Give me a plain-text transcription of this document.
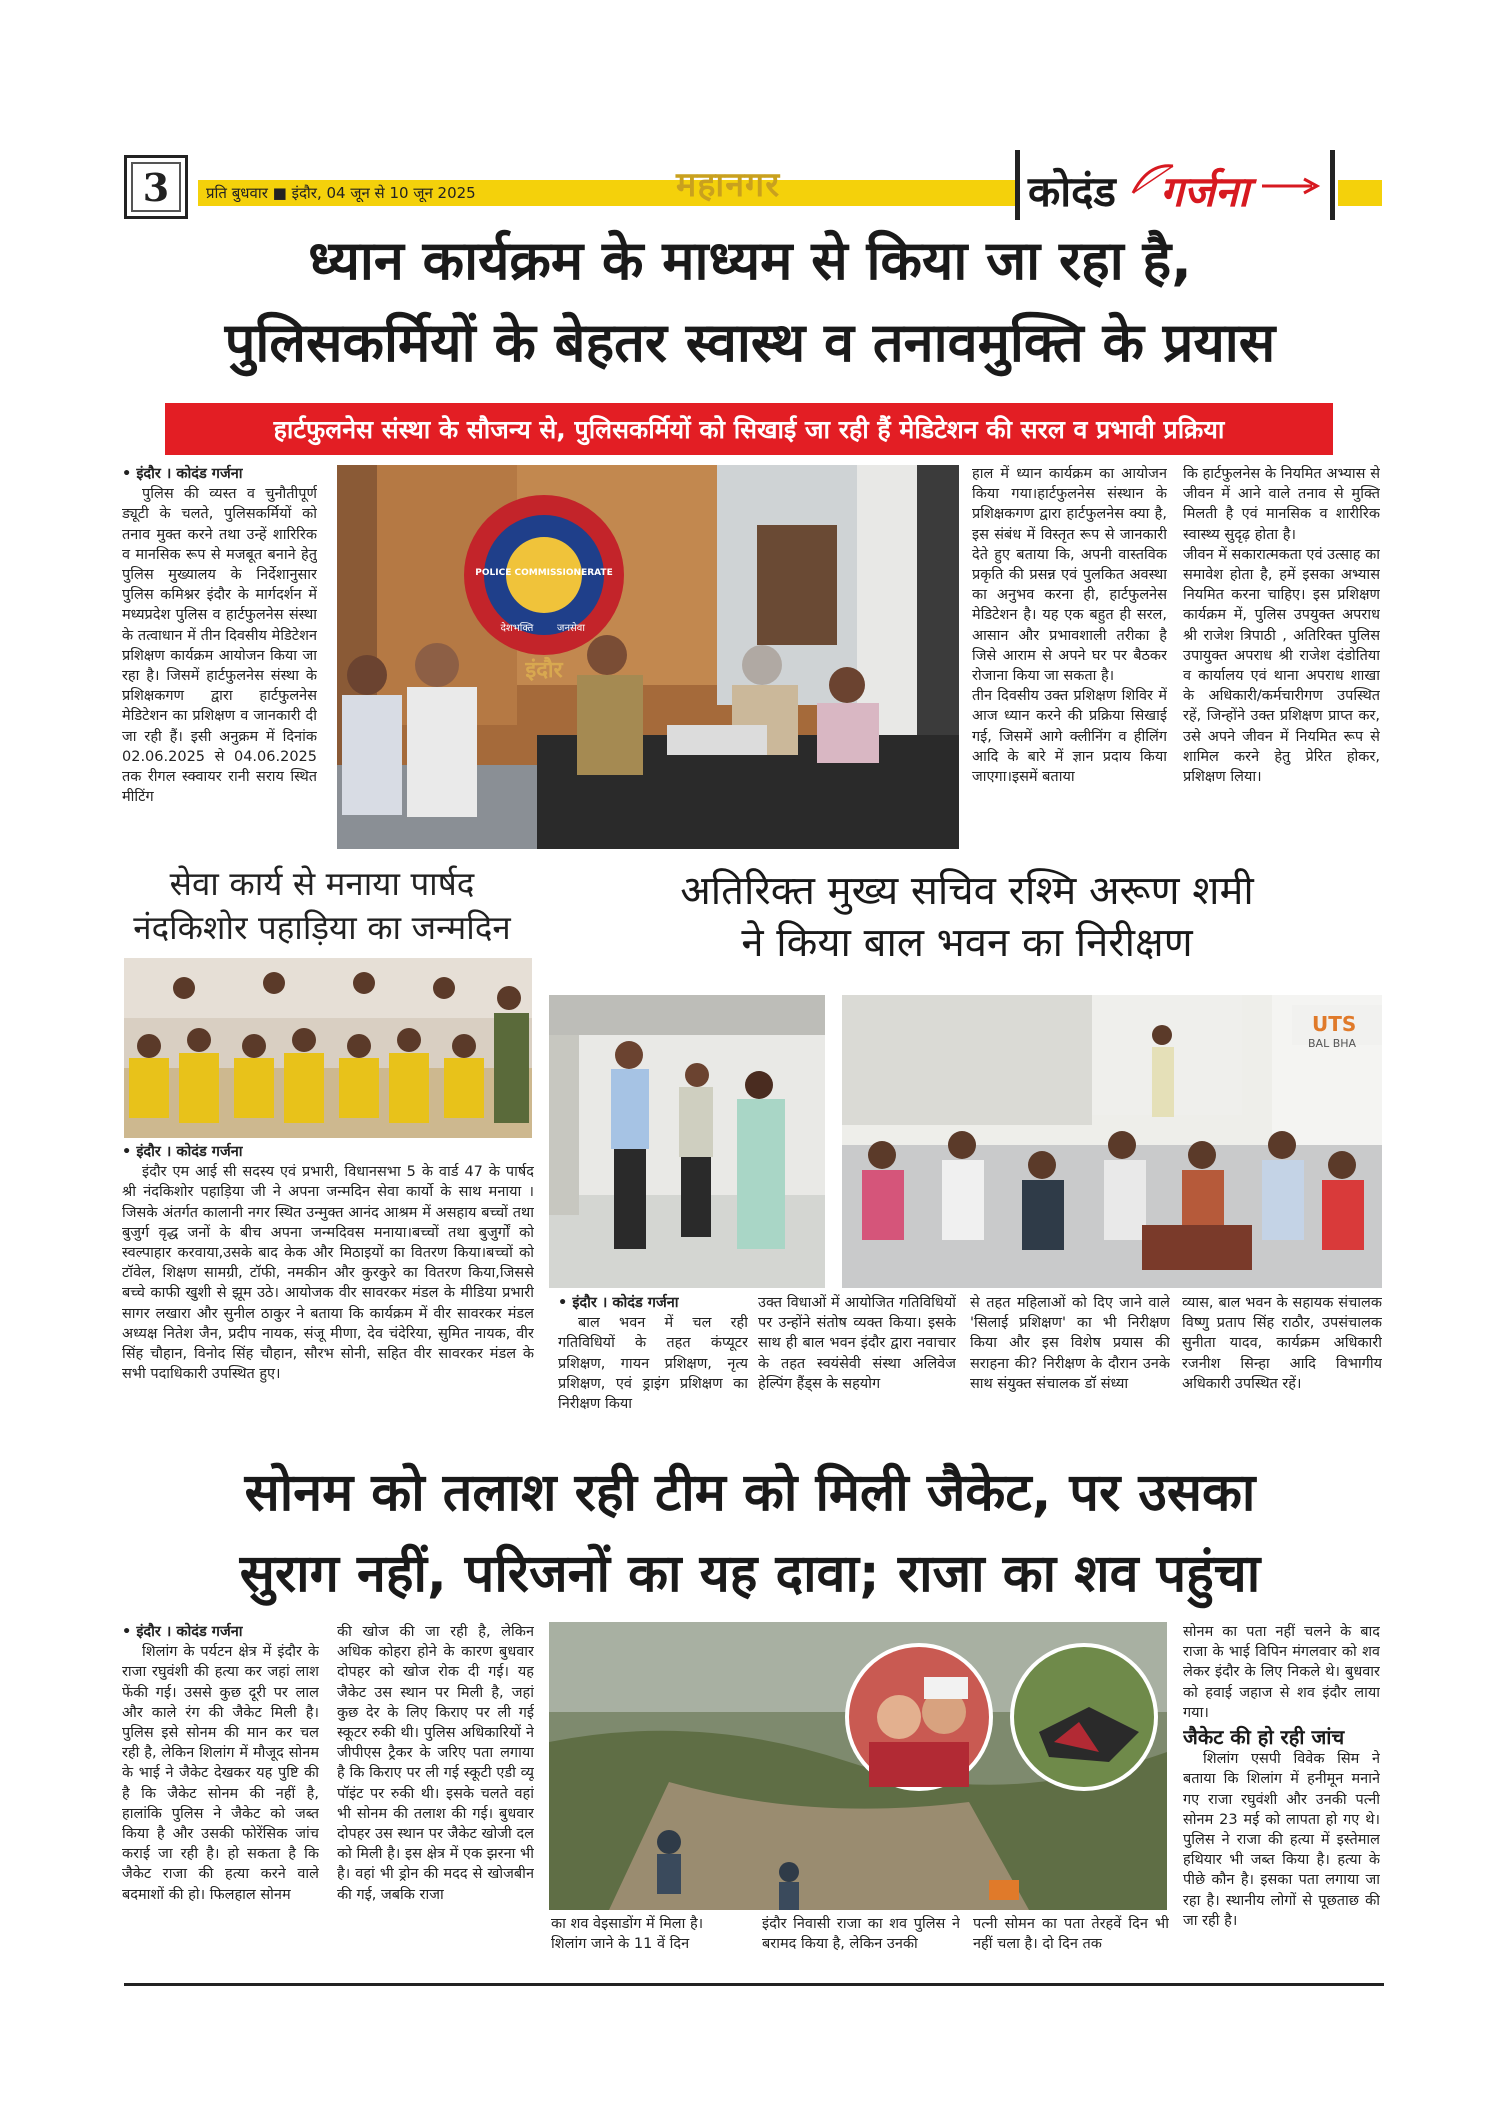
3 प्रति बुधवार ■ इंदौर, 04 जून से 10 जून 2025	महानगर	कोदंड गर्जना
ध्यान कार्यक्रम के माध्यम से किया जा रहा है,
पुलिसकर्मियों के बेहतर स्वास्थ व तनावमुक्ति के प्रयास
हार्टफुलनेस संस्था के सौजन्य से, पुलिसकर्मियों को सिखाई जा रही हैं मेडिटेशन की सरल व प्रभावी प्रक्रिया
• इंदौर । कोदंड गर्जना
पुलिस की व्यस्त व चुनौतीपूर्ण ड्यूटी के चलते, पुलिसकर्मियों को तनाव मुक्त करने तथा उन्हें शारिरिक व मानसिक रूप से मजबूत बनाने हेतु पुलिस मुख्यालय के निर्देशानुसार पुलिस कमिश्नर इंदौर के मार्गदर्शन में मध्यप्रदेश पुलिस व हार्टफुलनेस संस्था के तत्वाधान में तीन दिवसीय मेडिटेशन प्रशिक्षण कार्यक्रम आयोजन किया जा रहा है। जिसमें हार्टफुलनेस संस्था के प्रशिक्षकगण द्वारा हार्टफुलनेस मेडिटेशन का प्रशिक्षण व जानकारी दी जा रही हैं। इसी अनुक्रम में दिनांक 02.06.2025 से 04.06.2025 तक रीगल स्क्वायर रानी सराय स्थित मीटिंग
POLICE COMMISSIONERATE
देशभक्ति जनसेवा
इंदौर
हाल में ध्यान कार्यक्रम का आयोजन किया गया।हार्टफुलनेस संस्थान के प्रशिक्षकगण द्वारा हार्टफुलनेस क्या है, इस संबंध में विस्तृत रूप से जानकारी देते हुए बताया कि, अपनी वास्तविक प्रकृति की प्रसन्न एवं पुलकित अवस्था का अनुभव करना ही, हार्टफुलनेस मेडिटेशन है। यह एक बहुत ही सरल, आसान और प्रभावशाली तरीका है जिसे आराम से अपने घर पर बैठकर रोजाना किया जा सकता है।
तीन दिवसीय उक्त प्रशिक्षण शिविर में आज ध्यान करने की प्रक्रिया सिखाई गई, जिसमें आगे क्लीनिंग व हीलिंग आदि के बारे में ज्ञान प्रदाय किया जाएगा।इसमें बताया
कि हार्टफुलनेस के नियमित अभ्यास से जीवन में आने वाले तनाव से मुक्ति मिलती है एवं मानसिक व शारीरिक स्वास्थ्य सुदृढ़ होता है।
जीवन में सकारात्मकता एवं उत्साह का समावेश होता है, हमें इसका अभ्यास नियमित करना चाहिए। इस प्रशिक्षण कार्यक्रम में, पुलिस उपयुक्त अपराध श्री राजेश त्रिपाठी , अतिरिक्त पुलिस उपायुक्त अपराध श्री राजेश दंडोतिया व कार्यालय एवं थाना अपराध शाखा के अधिकारी/कर्मचारीगण उपस्थित रहें, जिन्होंने उक्त प्रशिक्षण प्राप्त कर, उसे अपने जीवन में नियमित रूप से शामिल करने हेतु प्रेरित होकर, प्रशिक्षण लिया।
सेवा कार्य से मनाया पार्षद
नंदकिशोर पहाड़िया का जन्मदिन
• इंदौर । कोदंड गर्जना
इंदौर एम आई सी सदस्य एवं प्रभारी, विधानसभा 5 के वार्ड 47 के पार्षद श्री नंदकिशोर पहाड़िया जी ने अपना जन्मदिन सेवा कार्यो के साथ मनाया ।जिसके अंतर्गत कालानी नगर स्थित उन्मुक्त आनंद आश्रम में असहाय बच्चों तथा बुजुर्ग वृद्ध जनों के बीच अपना जन्मदिवस मनाया।बच्चों तथा बुजुर्गों को स्वल्पाहार करवाया,उसके बाद केक और मिठाइयों का वितरण किया।बच्चों को टॉवेल, शिक्षण सामग्री, टॉफी, नमकीन और कुरकुरे का वितरण किया,जिससे बच्चे काफी खुशी से झूम उठे। आयोजक वीर सावरकर मंडल के मीडिया प्रभारी सागर लखारा और सुनील ठाकुर ने बताया कि कार्यक्रम में वीर सावरकर मंडल अध्यक्ष नितेश जैन, प्रदीप नायक, संजू मीणा, देव चंदेरिया, सुमित नायक, वीर सिंह चौहान, विनोद सिंह चौहान, सौरभ सोनी, सहित वीर सावरकर मंडल के सभी पदाधिकारी उपस्थित हुए।
अतिरिक्त मुख्य सचिव रश्मि अरूण शमी
ने किया बाल भवन का निरीक्षण
UTS
BAL BHA
• इंदौर । कोदंड गर्जना
बाल भवन में चल रही गतिविधियों के तहत कंप्यूटर प्रशिक्षण, गायन प्रशिक्षण, नृत्य प्रशिक्षण, एवं ड्राइंग प्रशिक्षण का निरीक्षण किया
उक्त विधाओं में आयोजित गतिविधियों पर उन्होंने संतोष व्यक्त किया। इसके साथ ही बाल भवन इंदौर द्वारा नवाचार के तहत स्वयंसेवी संस्था अलिवेज हेल्पिंग हैंड्स के सहयोग
से तहत महिलाओं को दिए जाने वाले 'सिलाई प्रशिक्षण' का भी निरीक्षण किया और इस विशेष प्रयास की सराहना की? निरीक्षण के दौरान उनके साथ संयुक्त संचालक डॉ संध्या
व्यास, बाल भवन के सहायक संचालक विष्णु प्रताप सिंह राठौर, उपसंचालक सुनीता यादव, कार्यक्रम अधिकारी रजनीश सिन्हा आदि विभागीय अधिकारी उपस्थित रहें।
सोनम को तलाश रही टीम को मिली जैकेट, पर उसका
सुराग नहीं, परिजनों का यह दावा; राजा का शव पहुंचा
• इंदौर । कोदंड गर्जना
शिलांग के पर्यटन क्षेत्र में इंदौर के राजा रघुवंशी की हत्या कर जहां लाश फेंकी गई। उससे कुछ दूरी पर लाल और काले रंग की जैकेट मिली है। पुलिस इसे सोनम की मान कर चल रही है, लेकिन शिलांग में मौजूद सोनम के भाई ने जैकेट देखकर यह पुष्टि की है कि जैकेट सोनम की नहीं है, हालांकि पुलिस ने जैकेट को जब्त किया है और उसकी फोरेंसिक जांच कराई जा रही है। हो सकता है कि जैकेट राजा की हत्या करने वाले बदमाशों की हो। फिलहाल सोनम
की खोज की जा रही है, लेकिन अधिक कोहरा होने के कारण बुधवार दोपहर को खोज रोक दी गई। यह जैकेट उस स्थान पर मिली है, जहां कुछ देर के लिए किराए पर ली गई स्कूटर रुकी थी। पुलिस अधिकारियों ने जीपीएस ट्रैकर के जरिए पता लगाया है कि किराए पर ली गई स्कूटी एडी व्यू पॉइंट पर रुकी थी। इसके चलते वहां भी सोनम की तलाश की गई। बुधवार दोपहर उस स्थान पर जैकेट खोजी दल को मिली है। इस क्षेत्र में एक झरना भी है। वहां भी ड्रोन की मदद से खोजबीन की गई, जबकि राजा
का शव वेइसाडोंग में मिला है।
शिलांग जाने के 11 वें दिन
इंदौर निवासी राजा का शव पुलिस ने बरामद किया है, लेकिन उनकी
पत्नी सोमन का पता तेरहवें दिन भी नहीं चला है। दो दिन तक
सोनम का पता नहीं चलने के बाद राजा के भाई विपिन मंगलवार को शव लेकर इंदौर के लिए निकले थे। बुधवार को हवाई जहाज से शव इंदौर लाया गया।
जैकेट की हो रही जांच
शिलांग एसपी विवेक सिम ने बताया कि शिलांग में हनीमून मनाने गए राजा रघुवंशी और उनकी पत्नी सोनम 23 मई को लापता हो गए थे। पुलिस ने राजा की हत्या में इस्तेमाल हथियार भी जब्त किया है। हत्या के पीछे कौन है। इसका पता लगाया जा रहा है। स्थानीय लोगों से पूछताछ की जा रही है।
